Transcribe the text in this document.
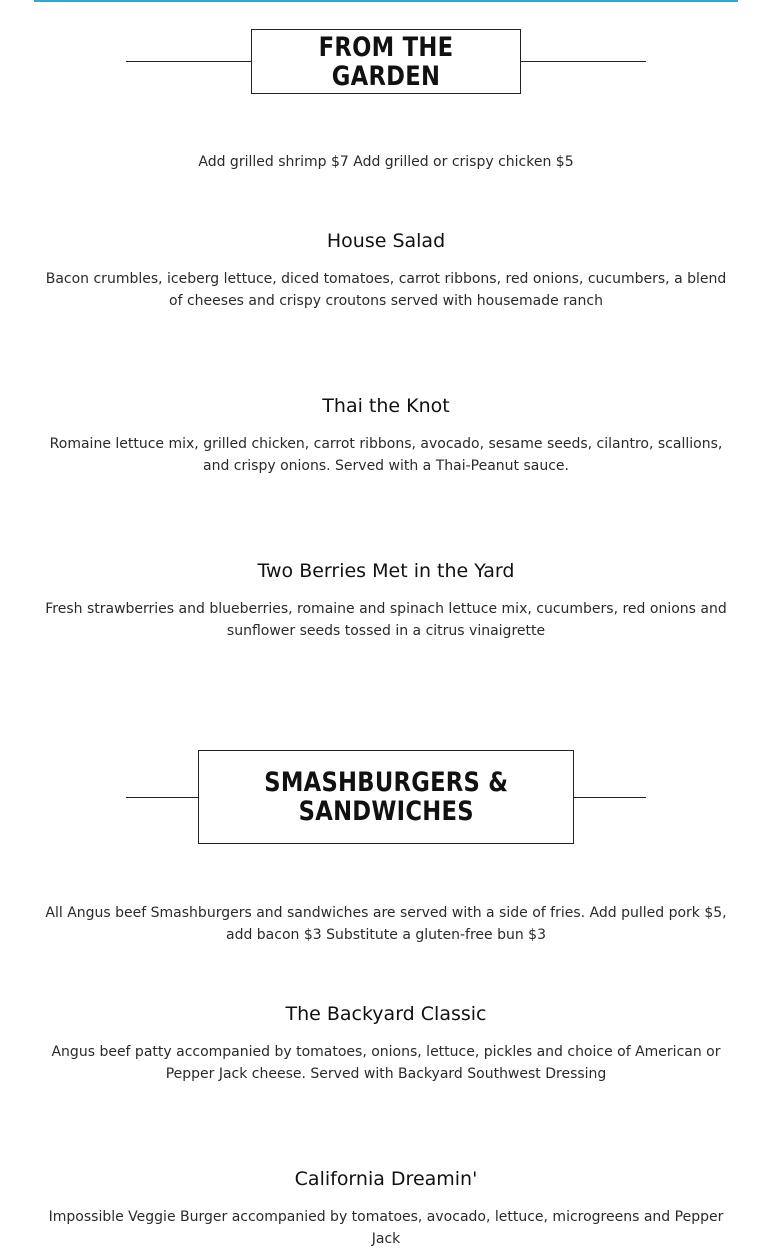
FROM THE GARDEN
Add grilled shrimp $7 Add grilled or crispy chicken $5
House Salad
Bacon crumbles, iceberg lettuce, diced tomatoes, carrot ribbons, red onions, cucumbers, a blend of cheeses and crispy croutons served with housemade ranch
Thai the Knot
Romaine lettuce mix, grilled chicken, carrot ribbons, avocado, sesame seeds, cilantro, scallions, and crispy onions. Served with a Thai-Peanut sauce.
Two Berries Met in the Yard
Fresh strawberries and blueberries, romaine and spinach lettuce mix, cucumbers, red onions and sunflower seeds tossed in a citrus vinaigrette
SMASHBURGERS &
SANDWICHES
All Angus beef Smashburgers and sandwiches are served with a side of fries. Add pulled pork $5, add bacon $3 Substitute a gluten-free bun $3
The Backyard Classic
Angus beef patty accompanied by tomatoes, onions, lettuce, pickles and choice of American or Pepper Jack cheese. Served with Backyard Southwest Dressing
California Dreamin'
Impossible Veggie Burger accompanied by tomatoes, avocado, lettuce, microgreens and Pepper Jack
